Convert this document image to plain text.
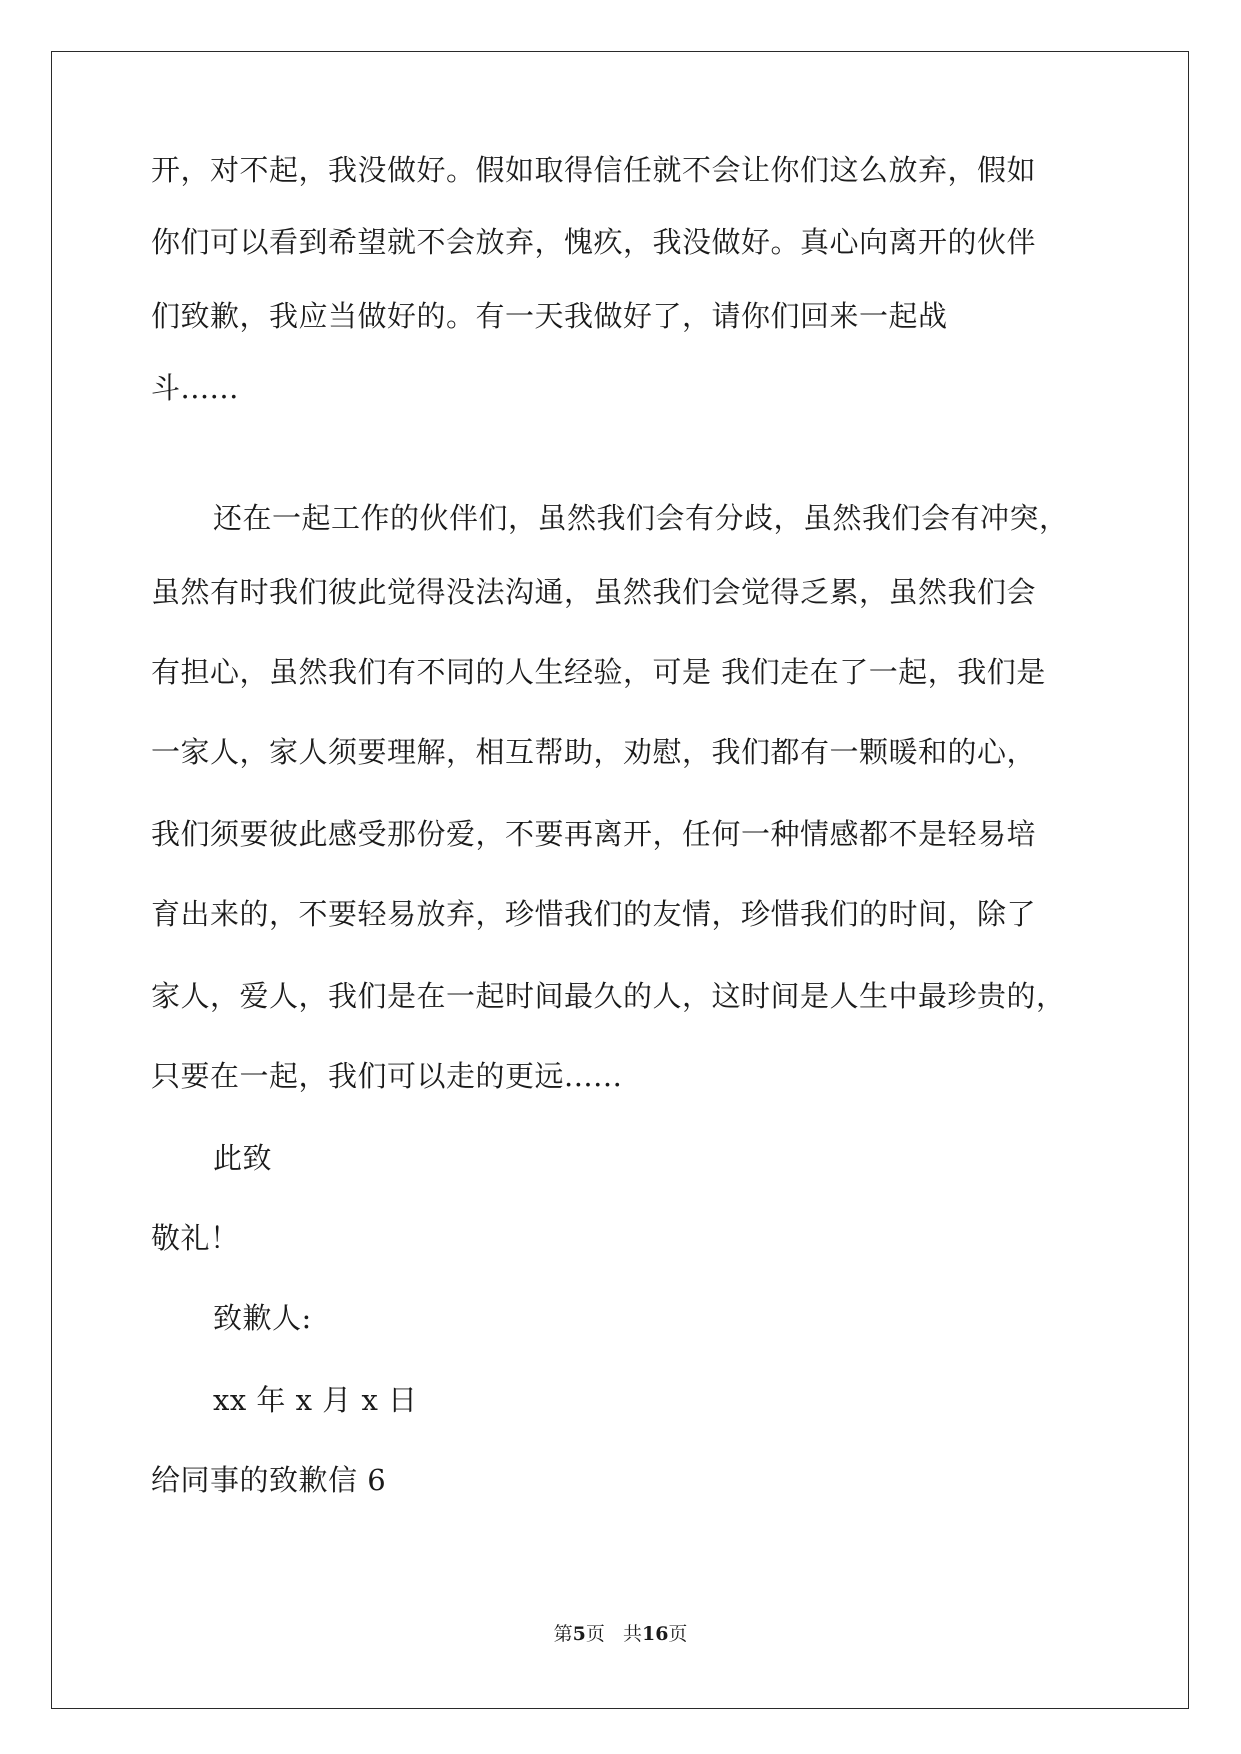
开，对不起，我没做好。假如取得信任就不会让你们这么放弃，假如
你们可以看到希望就不会放弃，愧疚，我没做好。真心向离开的伙伴
们致歉，我应当做好的。有一天我做好了，请你们回来一起战
斗......
还在一起工作的伙伴们，虽然我们会有分歧，虽然我们会有冲突，
虽然有时我们彼此觉得没法沟通，虽然我们会觉得乏累，虽然我们会
有担心，虽然我们有不同的人生经验，可是 我们走在了一起，我们是
一家人，家人须要理解，相互帮助，劝慰，我们都有一颗暖和的心，
我们须要彼此感受那份爱，不要再离开，任何一种情感都不是轻易培
育出来的，不要轻易放弃，珍惜我们的友情，珍惜我们的时间，除了
家人，爱人，我们是在一起时间最久的人，这时间是人生中最珍贵的，
只要在一起，我们可以走的更远......
此致
敬礼！
致歉人:
xx 年 x 月 x 日
给同事的致歉信 6
第5页 共16页
